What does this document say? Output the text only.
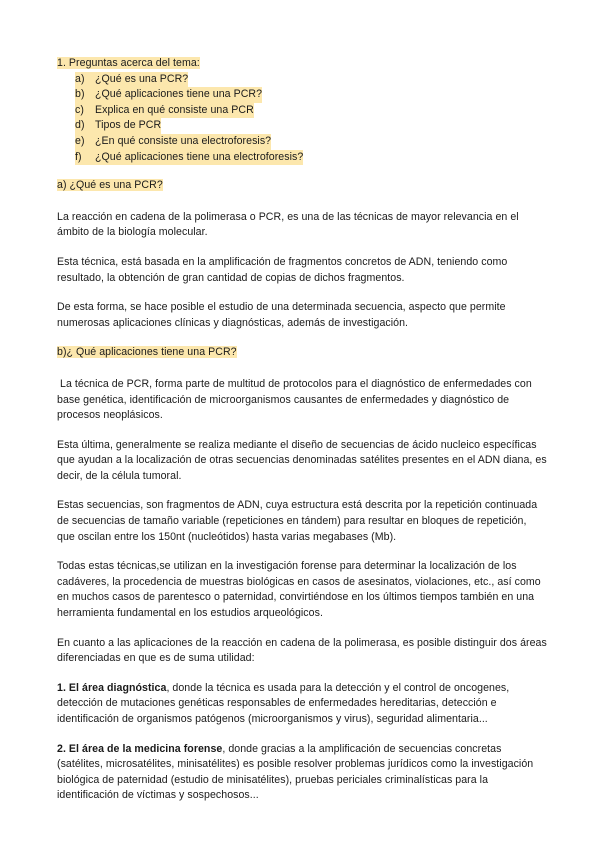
1. Preguntas acerca del tema:

a) ¿Qué es una PCR?
b) ¿Qué aplicaciones tiene una PCR?
c)	Explica en qué consiste una PCR
d) Tipos de PCR
e) ¿En qué consiste una electroforesis?
f)	¿Qué aplicaciones tiene una electroforesis?

a) ¿Qué es una PCR?

La reacción en cadena de la polimerasa o PCR, es una de las técnicas de mayor relevancia en el ámbito de la biología molecular.

Esta técnica, está basada en la amplificación de fragmentos concretos de ADN, teniendo como resultado, la obtención de gran cantidad de copias de dichos fragmentos.

De esta forma, se hace posible el estudio de una determinada secuencia, aspecto que permite numerosas aplicaciones clínicas y diagnósticas, además de investigación.

b)¿ Qué aplicaciones tiene una PCR?

La técnica de PCR, forma parte de multitud de protocolos para el diagnóstico de enfermedades con base genética, identificación de microorganismos causantes de enfermedades y diagnóstico de procesos neoplásicos.

Esta última, generalmente se realiza mediante el diseño de secuencias de ácido nucleico específicas que ayudan a la localización de otras secuencias denominadas satélites presentes en el ADN diana, es decir, de la célula tumoral.

Estas secuencias, son fragmentos de ADN, cuya estructura está descrita por la repetición continuada de secuencias de tamaño variable (repeticiones en tándem) para resultar en bloques de repetición, que oscilan entre los 150nt (nucleótidos) hasta varias megabases (Mb).

Todas estas técnicas,se utilizan en la investigación forense para determinar la localización de los cadáveres, la procedencia de muestras biológicas en casos de asesinatos, violaciones, etc., así como en muchos casos de parentesco o paternidad, convirtiéndose en los últimos tiempos también en una herramienta fundamental en los estudios arqueológicos.

En cuanto a las aplicaciones de la reacción en cadena de la polimerasa, es posible distinguir dos áreas diferenciadas en que es de suma utilidad:

1. El área diagnóstica, donde la técnica es usada para la detección y el control de oncogenes, detección de mutaciones genéticas responsables de enfermedades hereditarias, detección e identificación de organismos patógenos (microorganismos y virus), seguridad alimentaria...

2. El área de la medicina forense, donde gracias a la amplificación de secuencias concretas (satélites, microsatélites, minisatélites) es posible resolver problemas jurídicos como la investigación biológica de paternidad (estudio de minisatélites), pruebas periciales criminalísticas para la identificación de víctimas y sospechosos...
